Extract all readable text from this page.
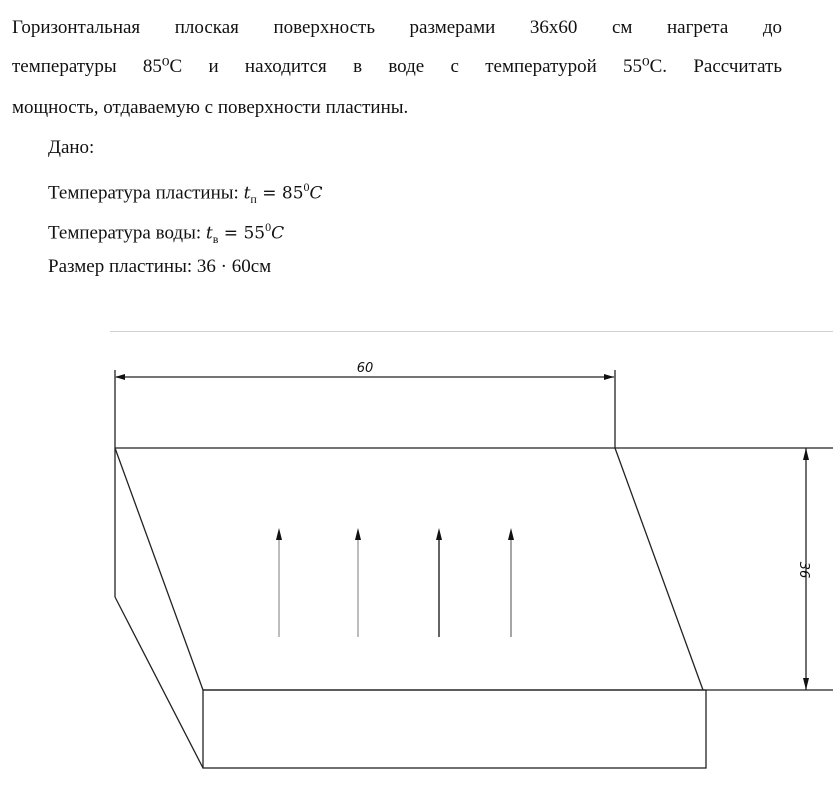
Горизонтальная плоская поверхность размерами 36х60 см нагрета до
температуры 85⁰С и находится в воде с температурой 55⁰С. Рассчитать
мощность, отдаваемую с поверхности пластины.
Дано:
Температура пластины: $t_п = 85^0C$
Температура воды: $t_в = 55^0C$
Размер пластины: 36 · 60см
60
36
